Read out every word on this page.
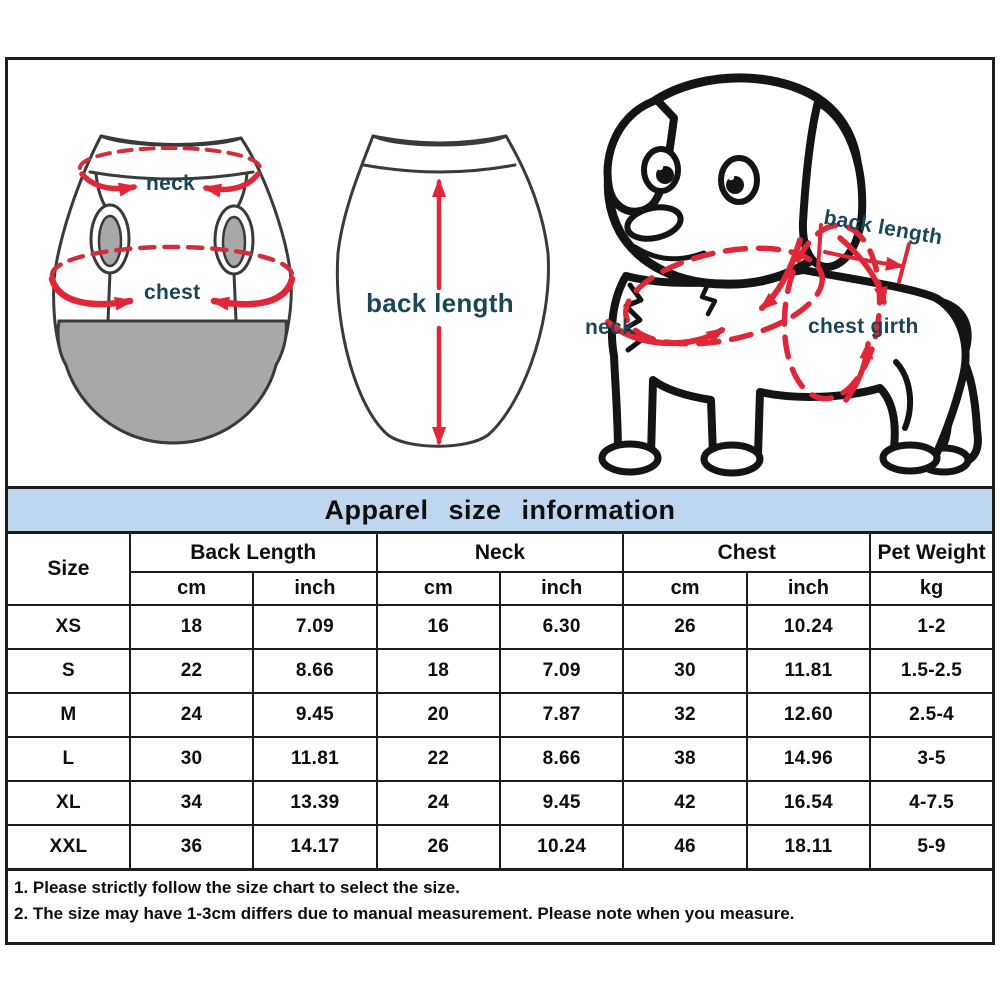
neck
chest	back length
back length
neck	chest girth
Apparel size information							
Size	Back Length		Neck		Chest		Pet Weight
	cm	inch	cm	inch	cm	inch	kg
XS	18	7.09	16	6.30	26	10.24	1-2
S	22	8.66	18	7.09	30	11.81	1.5-2.5
M	24	9.45	20	7.87	32	12.60	2.5-4
L	30	11.81	22	8.66	38	14.96	3-5
XL	34	13.39	24	9.45	42	16.54	4-7.5
XXL	36	14.17	26	10.24	46	18.11	5-9
1. Please strictly follow the size chart to select the size.
2. The size may have 1-3cm differs due to manual measurement. Please note when you measure.
